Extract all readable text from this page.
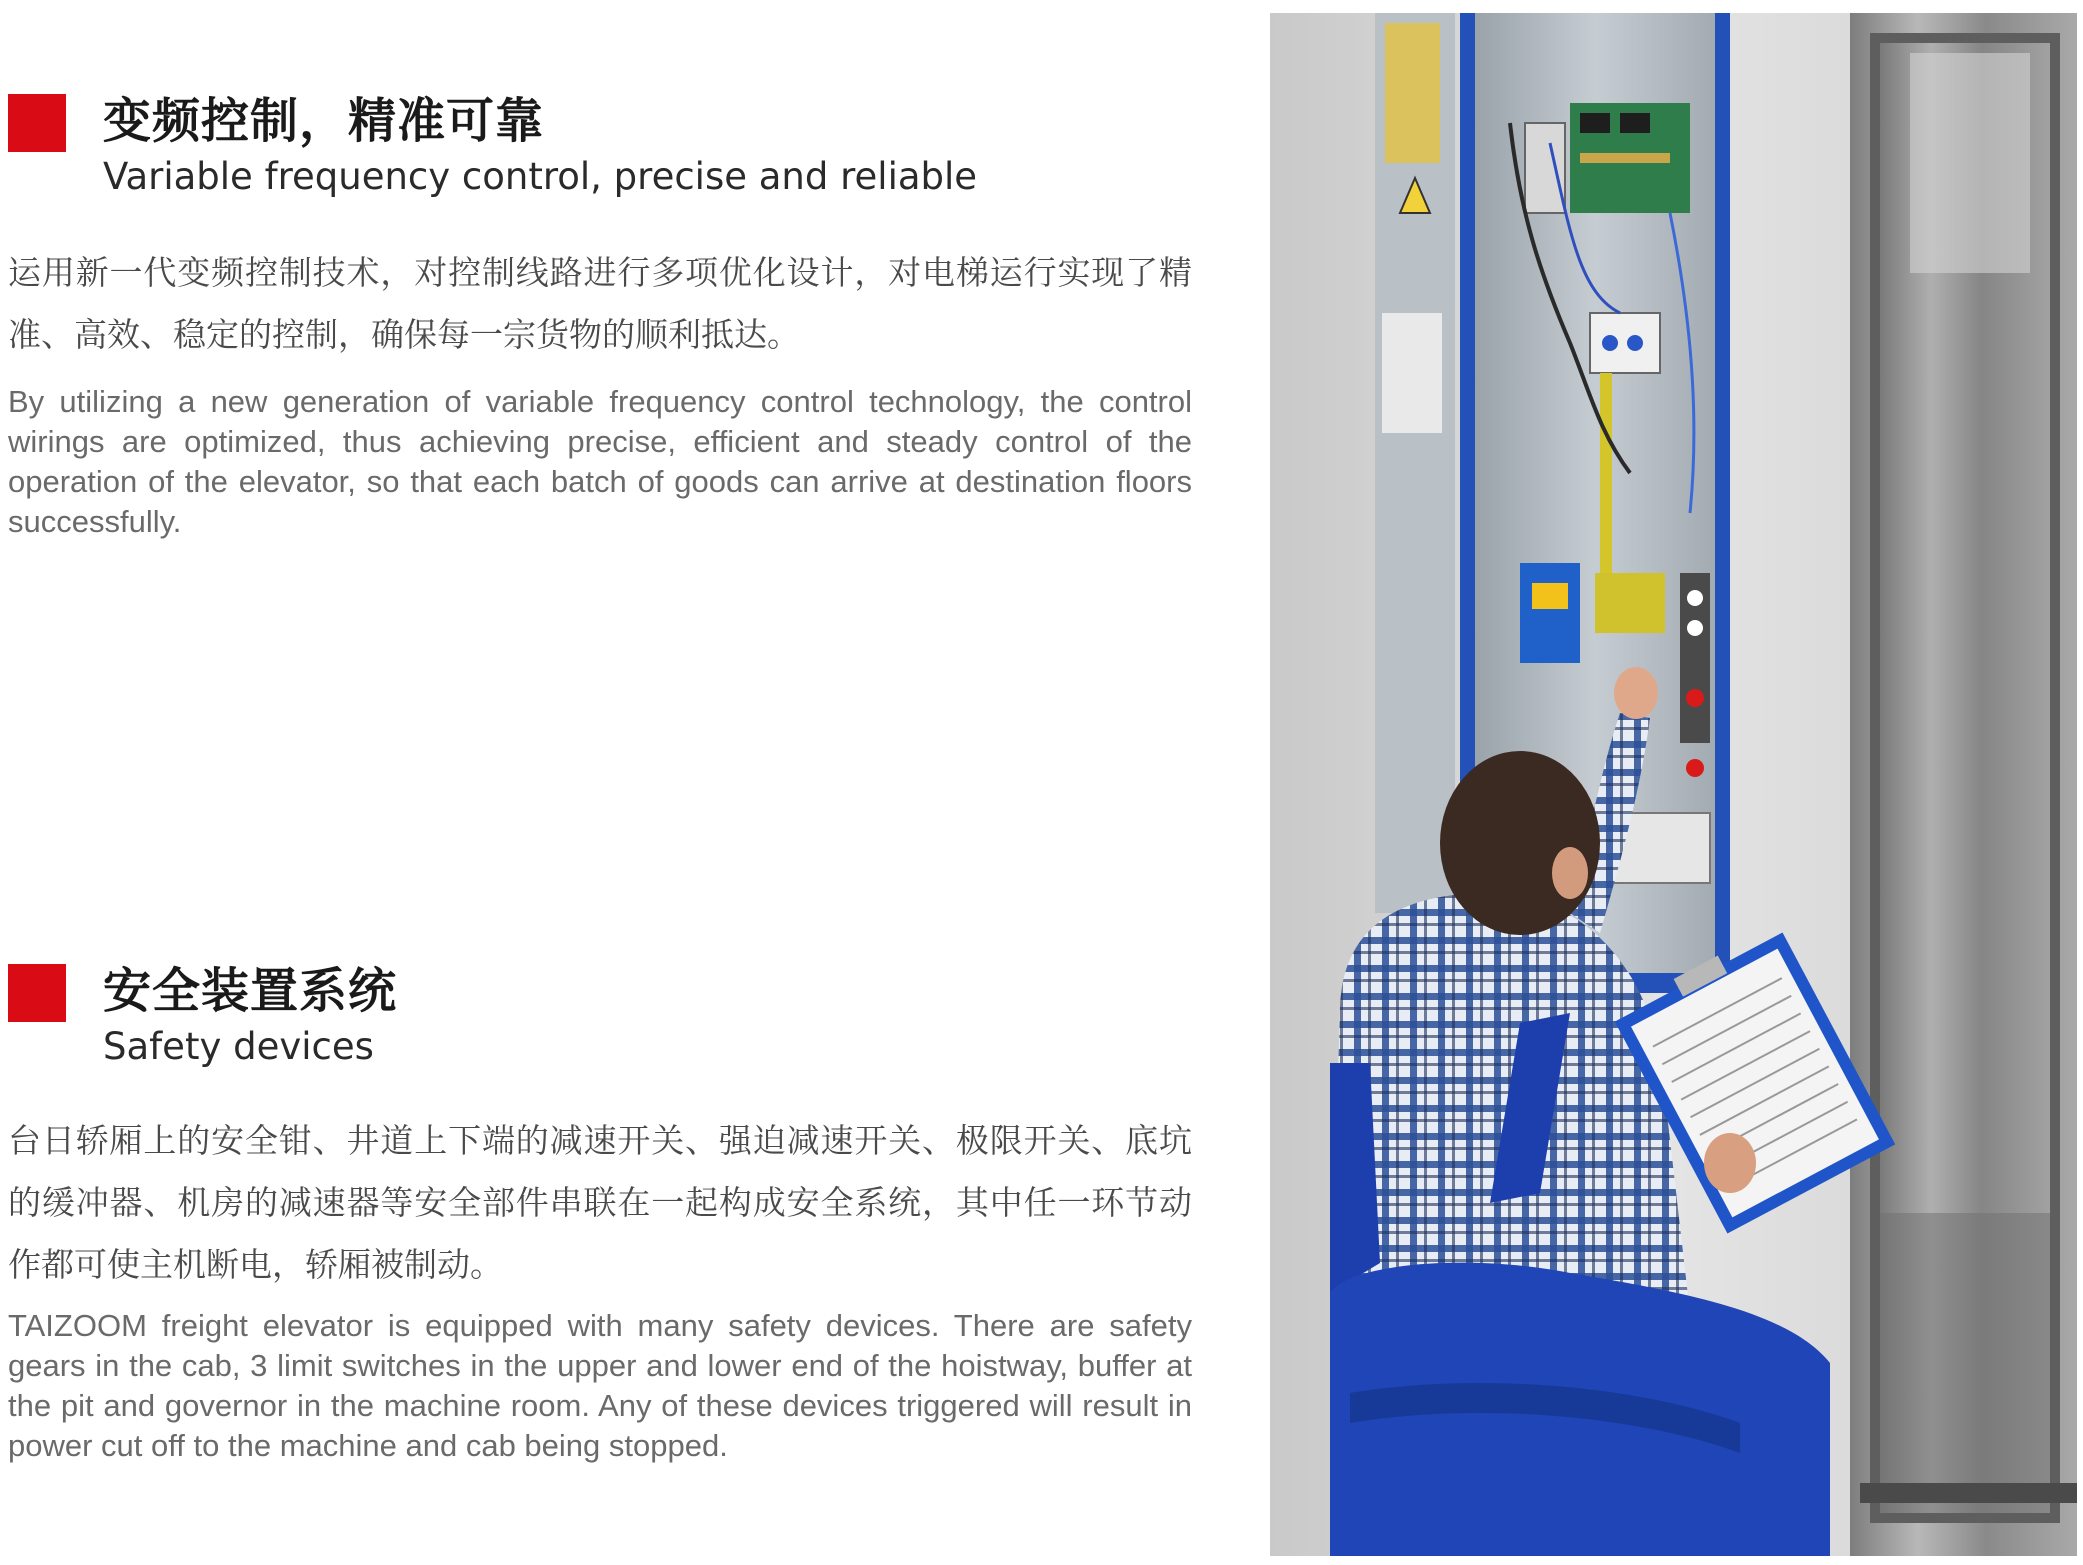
变频控制，精准可靠
Variable frequency control, precise and reliable

运用新一代变频控制技术，对控制线路进行多项优化设计，对电梯运行实现了精准、高效、稳定的控制，确保每一宗货物的顺利抵达。

By utilizing a new generation of variable frequency control technology, the control wirings are optimized, thus achieving precise, efficient and steady control of the operation of the elevator, so that each batch of goods can arrive at destination floors successfully.

安全装置系统
Safety devices

台日轿厢上的安全钳、井道上下端的减速开关、强迫减速开关、极限开关、底坑的缓冲器、机房的减速器等安全部件串联在一起构成安全系统，其中任一环节动作都可使主机断电，轿厢被制动。

TAIZOOM freight elevator is equipped with many safety devices. There are safety gears in the cab, 3 limit switches in the upper and lower end of the hoistway, buffer at the pit and governor in the machine room. Any of these devices triggered will result in power cut off to the machine and cab being stopped.
